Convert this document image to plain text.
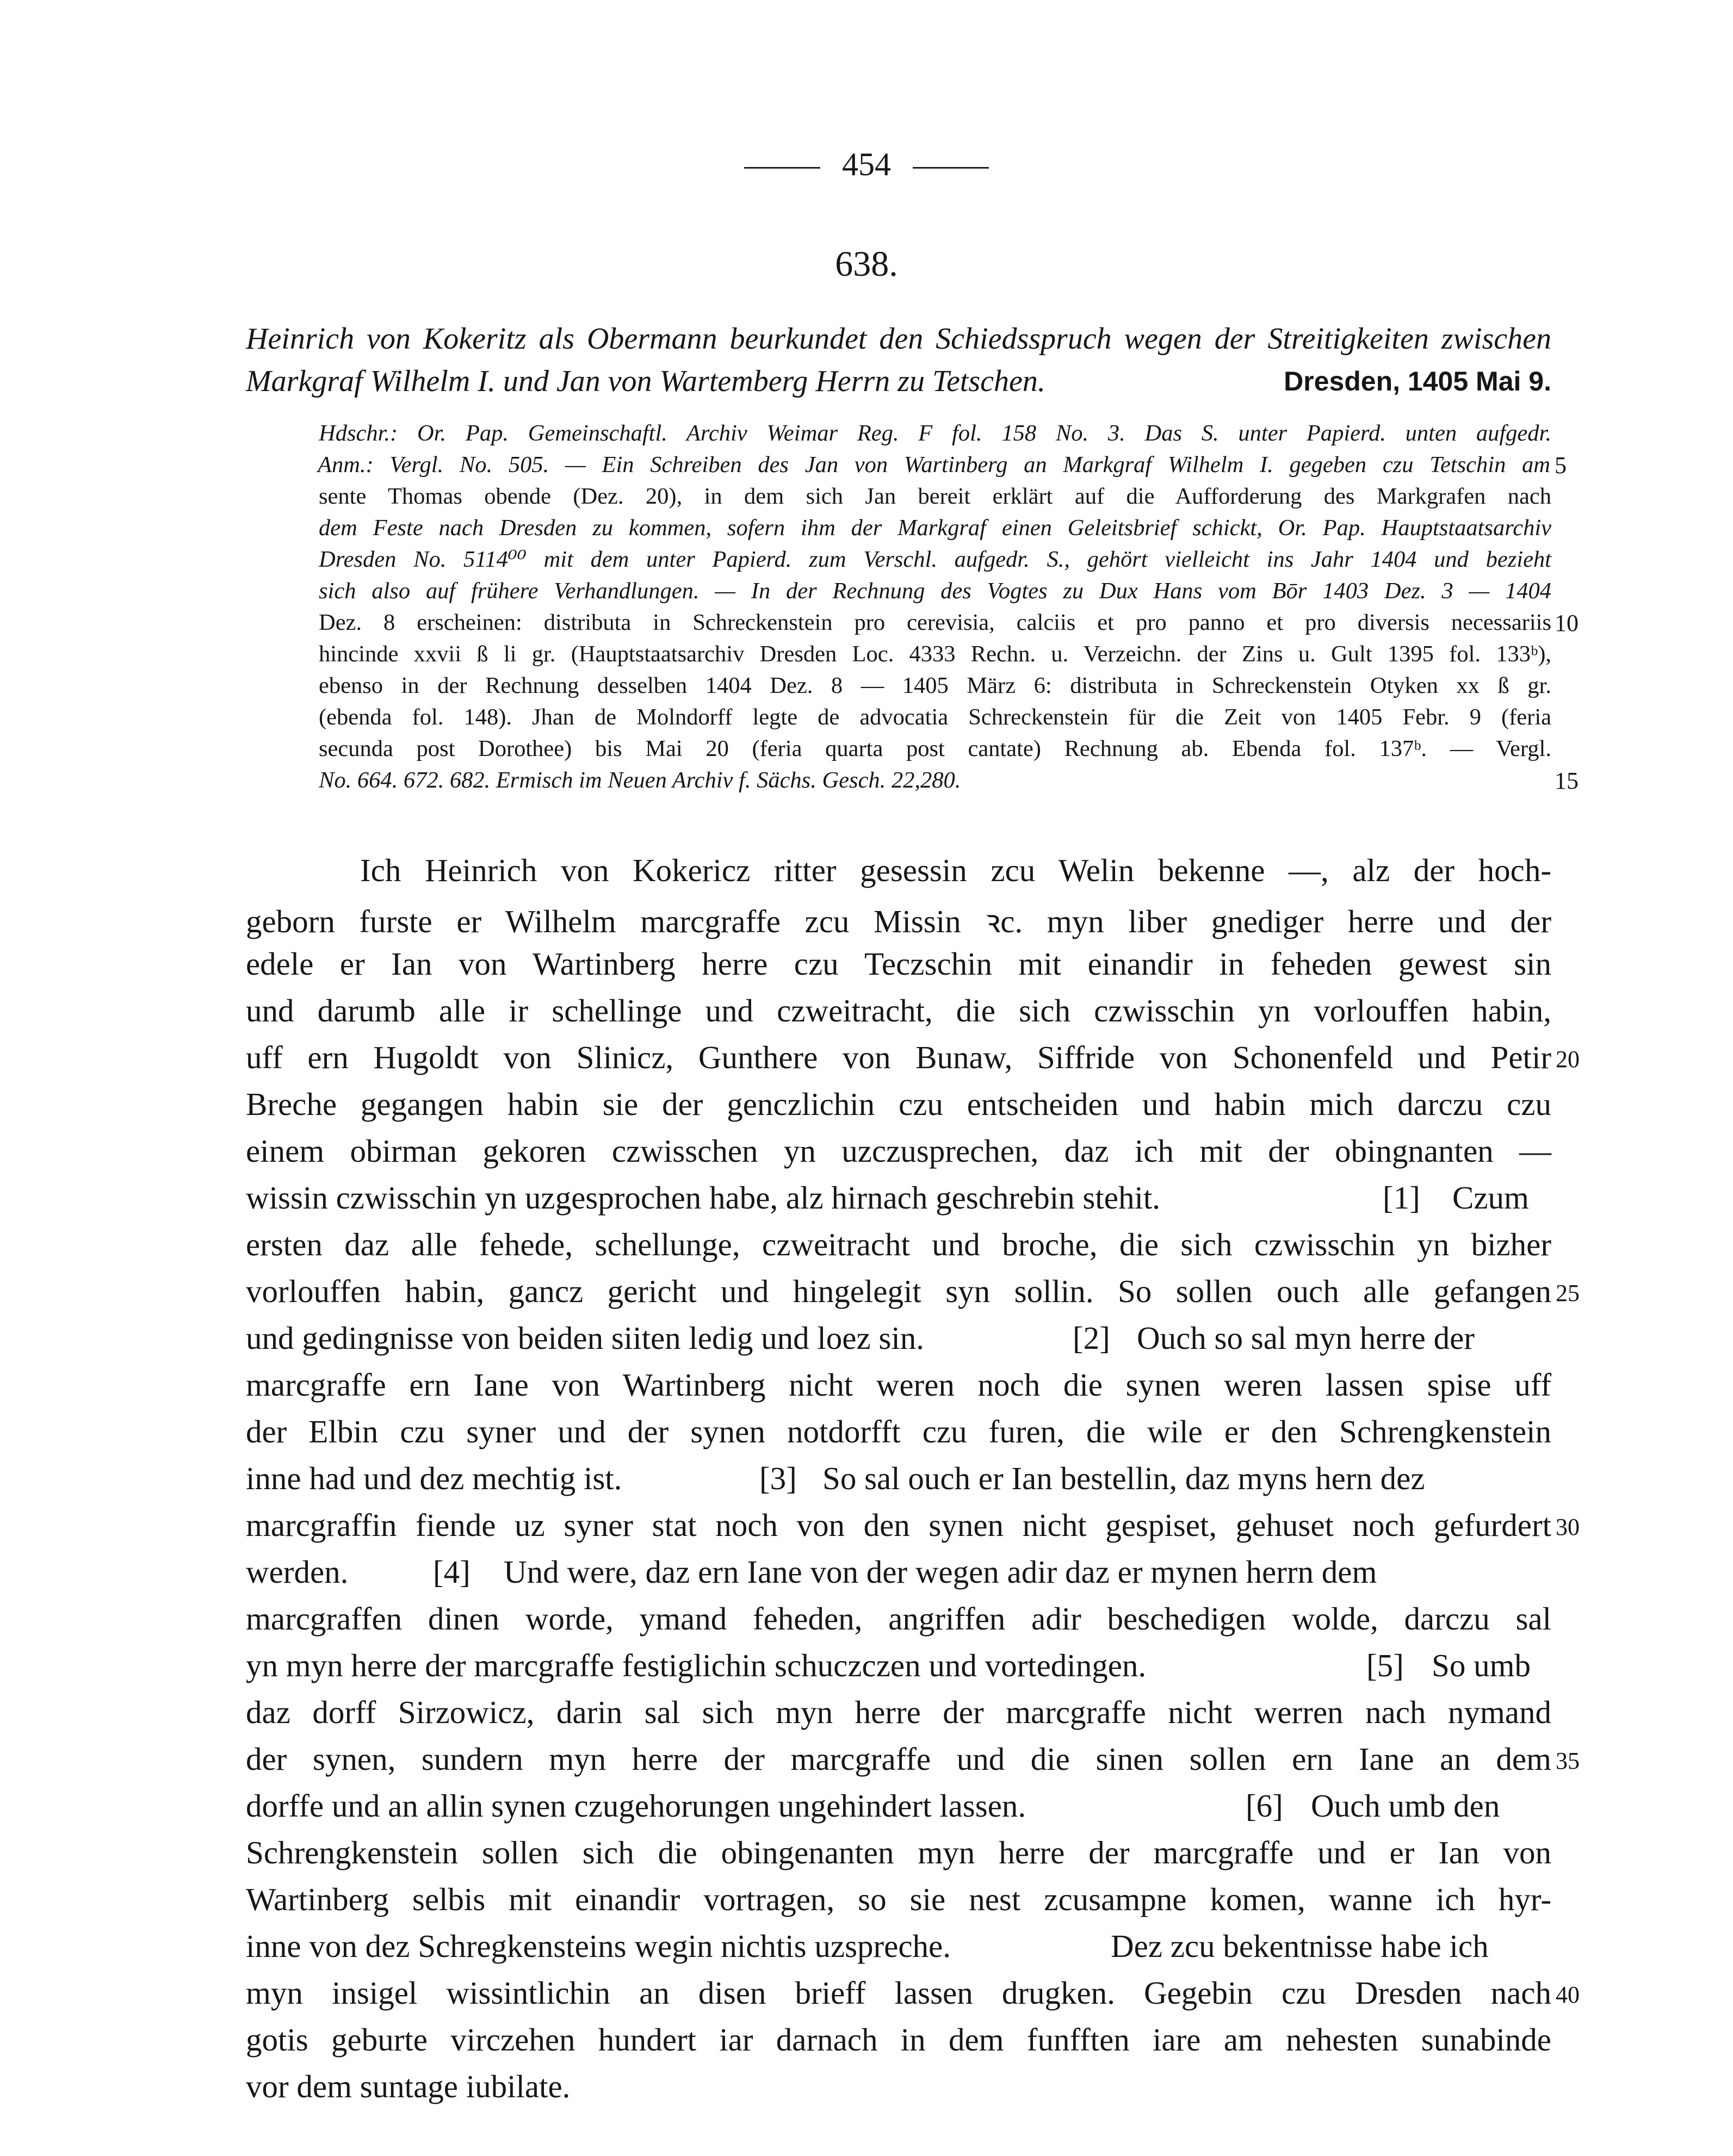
454
638.
Heinrich von Kokeritz als Obermann beurkundet den Schiedsspruch wegen der Streitigkeiten zwischen
Markgraf Wilhelm I. und Jan von Wartemberg Herrn zu Tetschen.	Dresden, 1405 Mai 9.
Hdschr.: Or. Pap. Gemeinschaftl. Archiv Weimar Reg. F fol. 158 No. 3. Das S. unter Papierd. unten aufgedr.
Anm.: Vergl. No. 505. — Ein Schreiben des Jan von Wartinberg an Markgraf Wilhelm I. gegeben czu Tetschin am 5
sente Thomas obende (Dez. 20), in dem sich Jan bereit erklärt auf die Aufforderung des Markgrafen nach
dem Feste nach Dresden zu kommen, sofern ihm der Markgraf einen Geleitsbrief schickt, Or. Pap. Hauptstaatsarchiv
Dresden No. 5114⁰⁰ mit dem unter Papierd. zum Verschl. aufgedr. S., gehört vielleicht ins Jahr 1404 und bezieht
sich also auf frühere Verhandlungen. — In der Rechnung des Vogtes zu Dux Hans vom Bōr 1403 Dez. 3 — 1404
Dez. 8 erscheinen: distributa in Schreckenstein pro cerevisia, calciis et pro panno et pro diversis necessariis 10
hincinde xxvii ß li gr. (Hauptstaatsarchiv Dresden Loc. 4333 Rechn. u. Verzeichn. der Zins u. Gult 1395 fol. 133ᵇ),
ebenso in der Rechnung desselben 1404 Dez. 8 — 1405 März 6: distributa in Schreckenstein Otyken xx ß gr.
(ebenda fol. 148). Jhan de Molndorff legte de advocatia Schreckenstein für die Zeit von 1405 Febr. 9 (feria
secunda post Dorothee) bis Mai 20 (feria quarta post cantate) Rechnung ab. Ebenda fol. 137ᵇ. — Vergl.
No. 664. 672. 682. Ermisch im Neuen Archiv f. Sächs. Gesch. 22,280.	15
Ich Heinrich von Kokericz ritter gesessin zcu Welin bekenne —, alz der hoch-
geborn furste er Wilhelm marcgraffe zcu Missin ꝛc. myn liber gnediger herre und der
edele er Ian von Wartinberg herre czu Teczschin mit einandir in feheden gewest sin
und darumb alle ir schellinge und czweitracht, die sich czwisschin yn vorlouffen habin,
uff ern Hugoldt von Slinicz, Gunthere von Bunaw, Siffride von Schonenfeld und Petir 20
Breche gegangen habin sie der genczlichin czu entscheiden und habin mich darczu czu
einem obirman gekoren czwisschen yn uzczusprechen, daz ich mit der obingnanten —
wissin czwisschin yn uzgesprochen habe, alz hirnach geschrebin stehit.	[1] Czum
ersten daz alle fehede, schellunge, czweitracht und broche, die sich czwisschin yn bizher
vorlouffen habin, gancz gericht und hingelegit syn sollin. So sollen ouch alle gefangen 25
und gedingnisse von beiden siiten ledig und loez sin.	[2] Ouch so sal myn herre der
marcgraffe ern Iane von Wartinberg nicht weren noch die synen weren lassen spise uff
der Elbin czu syner und der synen notdorfft czu furen, die wile er den Schrengkenstein
inne had und dez mechtig ist.	[3] So sal ouch er Ian bestellin, daz myns hern dez
marcgraffin fiende uz syner stat noch von den synen nicht gespiset, gehuset noch gefurdert 30
werden.	[4] Und were, daz ern Iane von der wegen adir daz er mynen herrn dem
marcgraffen dinen worde, ymand feheden, angriffen adir beschedigen wolde, darczu sal
yn myn herre der marcgraffe festiglichin schuczczen und vortedingen.	[5] So umb
daz dorff Sirzowicz, darin sal sich myn herre der marcgraffe nicht werren nach nymand
der synen, sundern myn herre der marcgraffe und die sinen sollen ern Iane an dem 35
dorffe und an allin synen czugehorungen ungehindert lassen.	[6] Ouch umb den
Schrengkenstein sollen sich die obingenanten myn herre der marcgraffe und er Ian von
Wartinberg selbis mit einandir vortragen, so sie nest zcusampne komen, wanne ich hyr-
inne von dez Schregkensteins wegin nichtis uzspreche.	Dez zcu bekentnisse habe ich
myn insigel wissintlichin an disen brieff lassen drugken. Gegebin czu Dresden nach 40
gotis geburte virczehen hundert iar darnach in dem funfften iare am nehesten sunabinde
vor dem suntage iubilate.
